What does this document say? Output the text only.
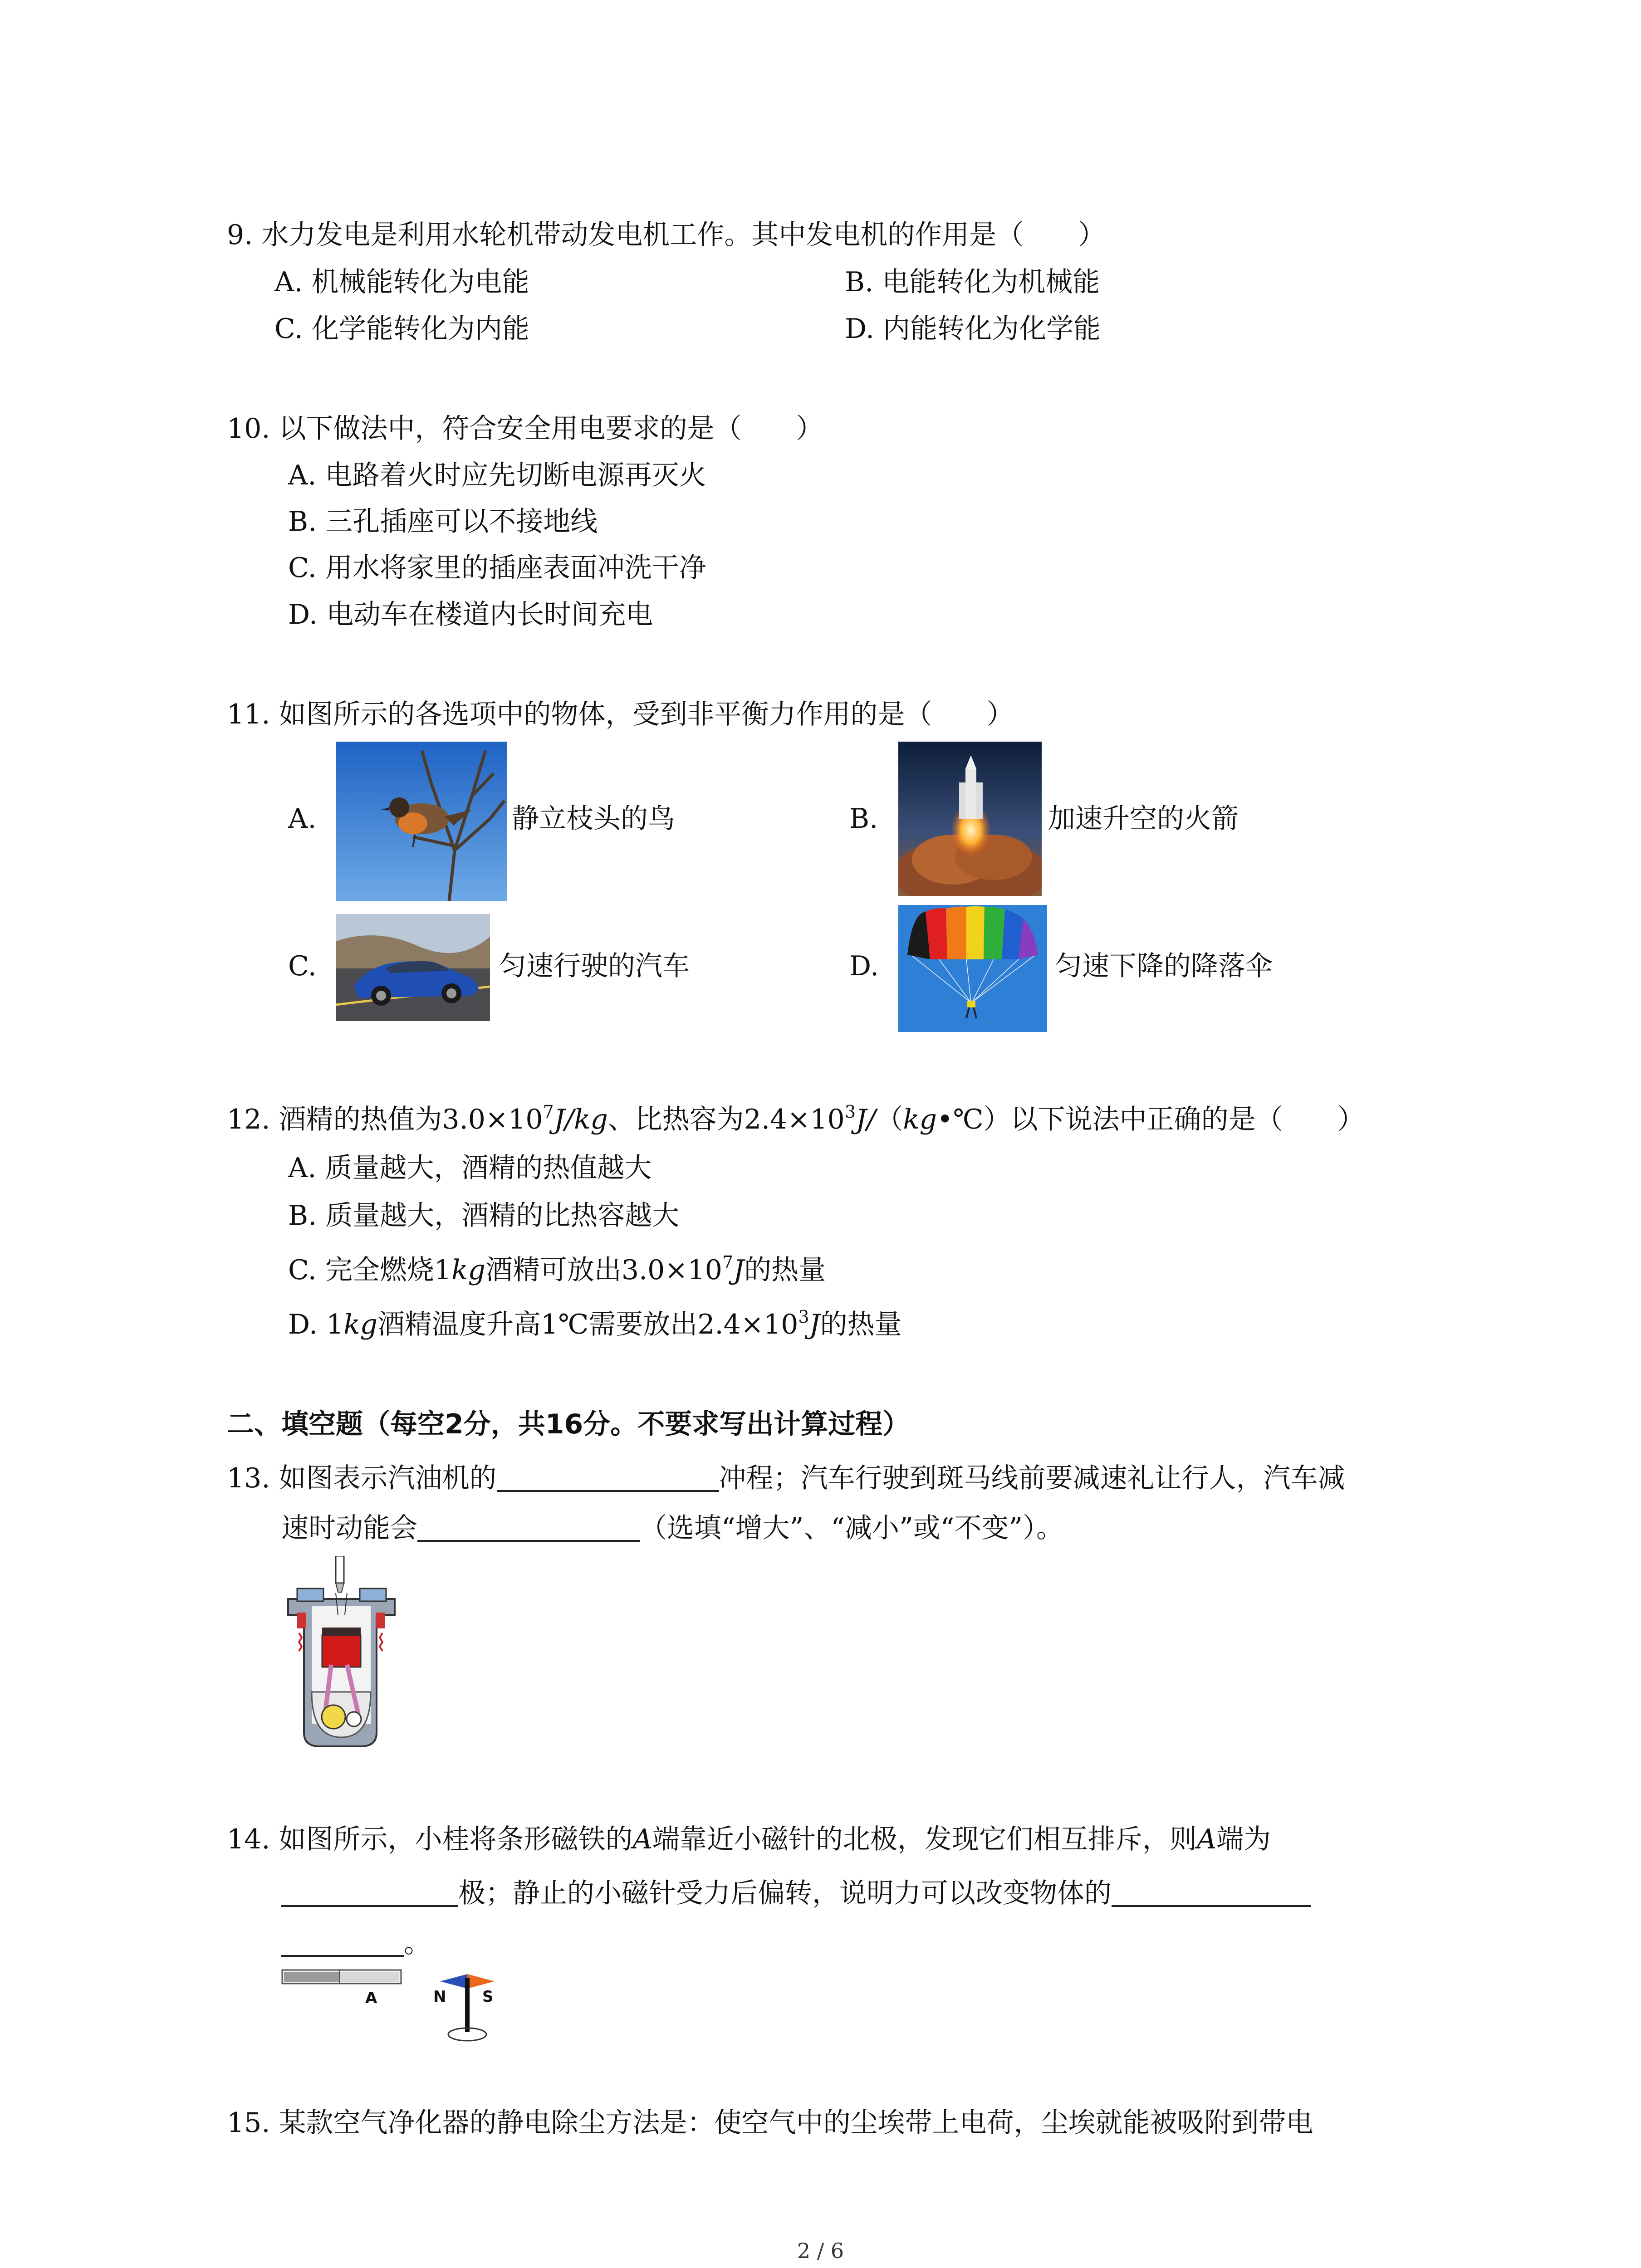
9. 水力发电是利用水轮机带动发电机工作。其中发电机的作用是（　　）
A. 机械能转化为电能	B. 电能转化为机械能
C. 化学能转化为内能	D. 内能转化为化学能
10. 以下做法中，符合安全用电要求的是（　　）
A. 电路着火时应先切断电源再灭火
B. 三孔插座可以不接地线
C. 用水将家里的插座表面冲洗干净
D. 电动车在楼道内长时间充电
11. 如图所示的各选项中的物体，受到非平衡力作用的是（　　）
A.	静立枝头的鸟	B.	加速升空的火箭
C.	匀速行驶的汽车	D.	匀速下降的降落伞
12. 酒精的热值为$3.0\times 10^7J/kg$、比热容为$2.4\times 10^3J/(kg•℃)$以下说法中正确的是（　　）
A. 质量越大，酒精的热值越大
B. 质量越大，酒精的比热容越大
C. 完全燃烧1kg酒精可放出$3.0\times 10^7J$的热量
D. 1kg酒精温度升高1℃需要放出$2.4\times 10^3J$的热量
二、填空题（每空2分，共16分。不要求写出计算过程）
13. 如图表示汽油机的	冲程；汽车行驶到斑马线前要减速礼让行人，汽车减
速时动能会	（选填“增大”、“减小”或“不变”）。
14. 如图所示，小桂将条形磁铁的A端靠近小磁针的北极，发现它们相互排斥，则A端为
极；静止的小磁针受力后偏转，说明力可以改变物体的
。
A	N S
15. 某款空气净化器的静电除尘方法是：使空气中的尘埃带上电荷，尘埃就能被吸附到带电
2 / 6
